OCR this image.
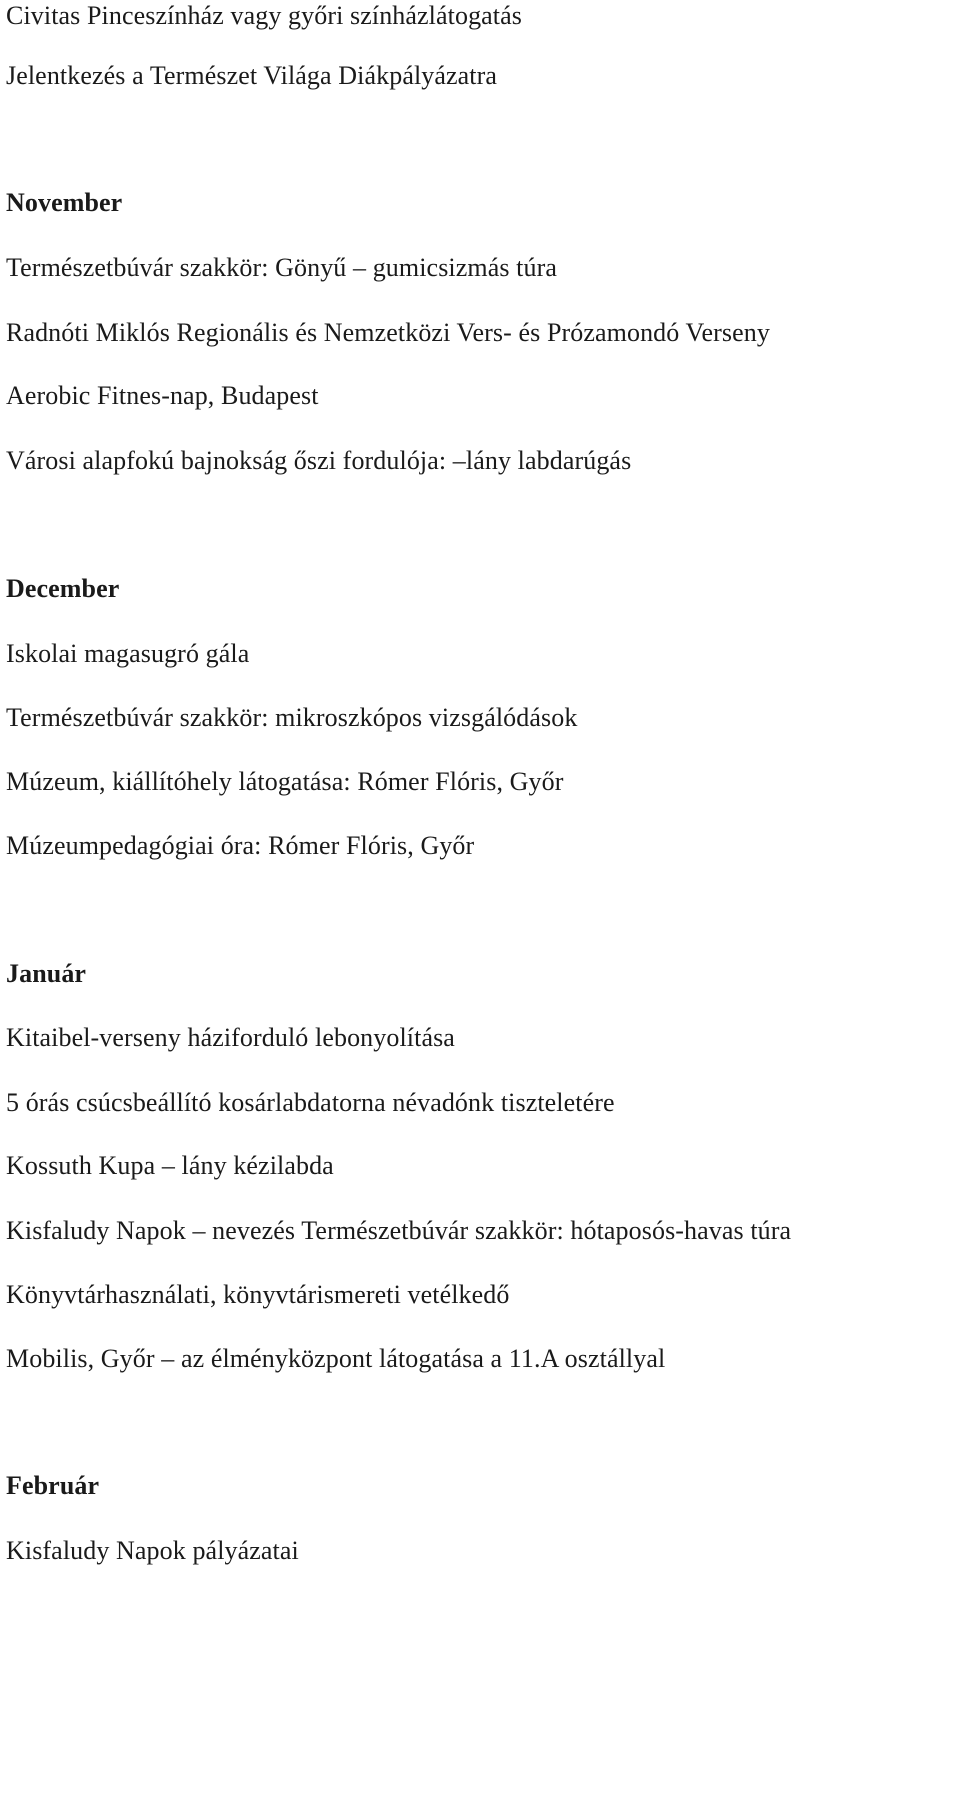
Civitas Pinceszínház vagy győri színházlátogatás
Jelentkezés a Természet Világa Diákpályázatra
November
Természetbúvár szakkör: Gönyű – gumicsizmás túra
Radnóti Miklós Regionális és Nemzetközi Vers- és Prózamondó Verseny
Aerobic Fitnes-nap, Budapest
Városi alapfokú bajnokság őszi fordulója: –lány labdarúgás
December
Iskolai magasugró gála
Természetbúvár szakkör: mikroszkópos vizsgálódások
Múzeum, kiállítóhely látogatása: Rómer Flóris, Győr
Múzeumpedagógiai óra: Rómer Flóris, Győr
Január
Kitaibel-verseny háziforduló lebonyolítása
5 órás csúcsbeállító kosárlabdatorna névadónk tiszteletére
Kossuth Kupa – lány kézilabda
Kisfaludy Napok – nevezés Természetbúvár szakkör: hótaposós-havas túra
Könyvtárhasználati, könyvtárismereti vetélkedő
Mobilis, Győr – az élményközpont látogatása a 11.A osztállyal
Február
Kisfaludy Napok pályázatai
